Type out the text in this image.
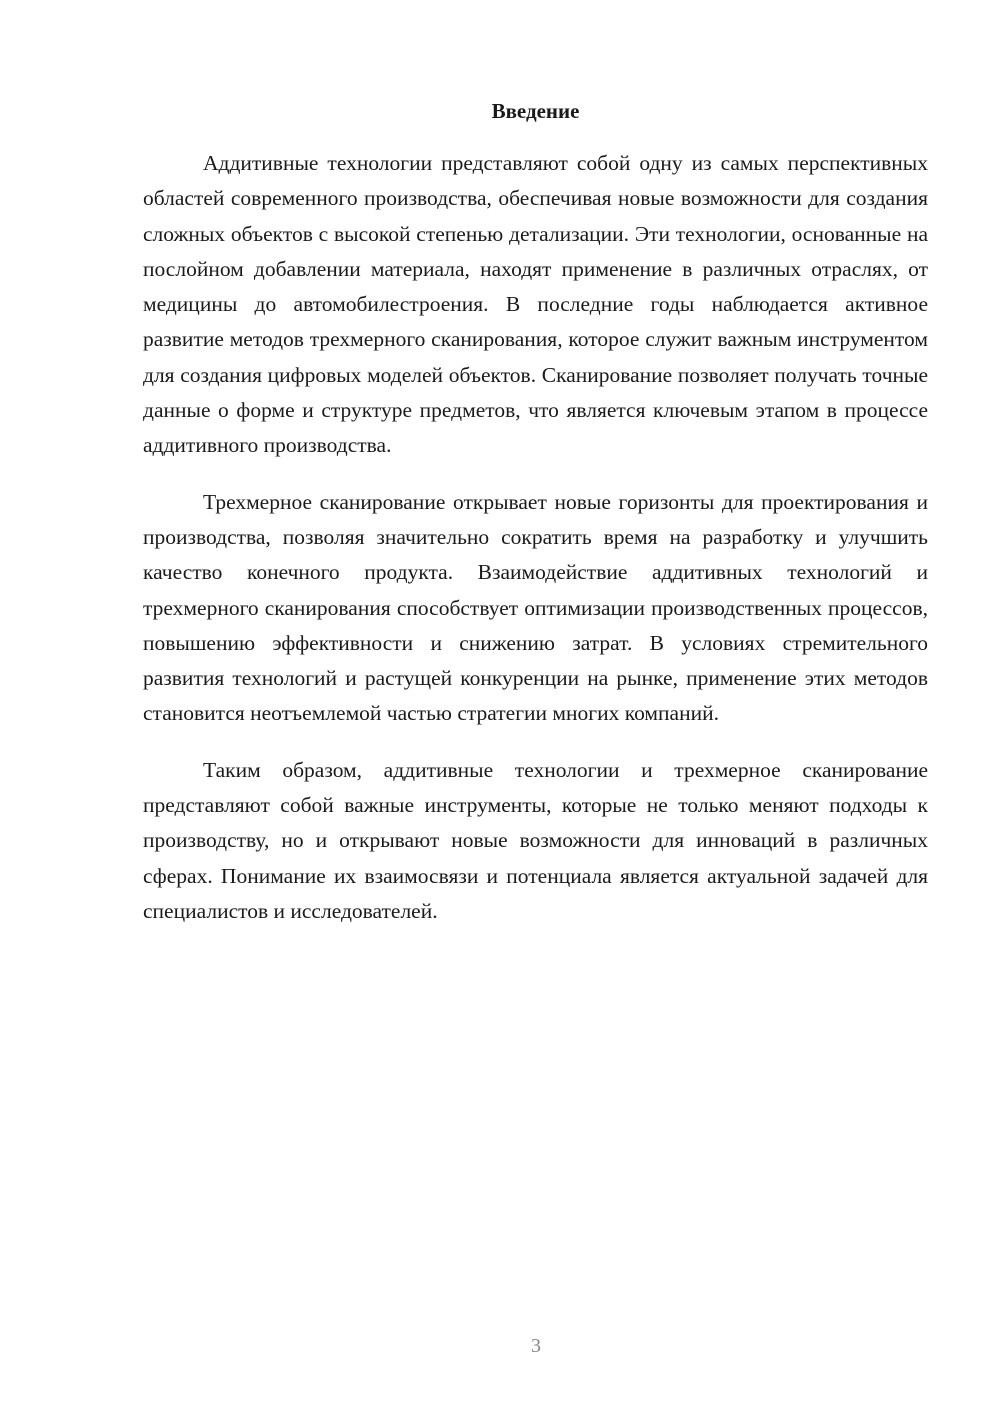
Введение

Аддитивные технологии представляют собой одну из самых перспективных областей современного производства, обеспечивая новые возможности для создания сложных объектов с высокой степенью детализации. Эти технологии, основанные на послойном добавлении материала, находят применение в различных отраслях, от медицины до автомобилестроения. В последние годы наблюдается активное развитие методов трехмерного сканирования, которое служит важным инструментом для создания цифровых моделей объектов. Сканирование позволяет получать точные данные о форме и структуре предметов, что является ключевым этапом в процессе аддитивного производства.

Трехмерное сканирование открывает новые горизонты для проектирования и производства, позволяя значительно сократить время на разработку и улучшить качество конечного продукта. Взаимодействие аддитивных технологий и трехмерного сканирования способствует оптимизации производственных процессов, повышению эффективности и снижению затрат. В условиях стремительного развития технологий и растущей конкуренции на рынке, применение этих методов становится неотъемлемой частью стратегии многих компаний.

Таким образом, аддитивные технологии и трехмерное сканирование представляют собой важные инструменты, которые не только меняют подходы к производству, но и открывают новые возможности для инноваций в различных сферах. Понимание их взаимосвязи и потенциала является актуальной задачей для специалистов и исследователей.

3
